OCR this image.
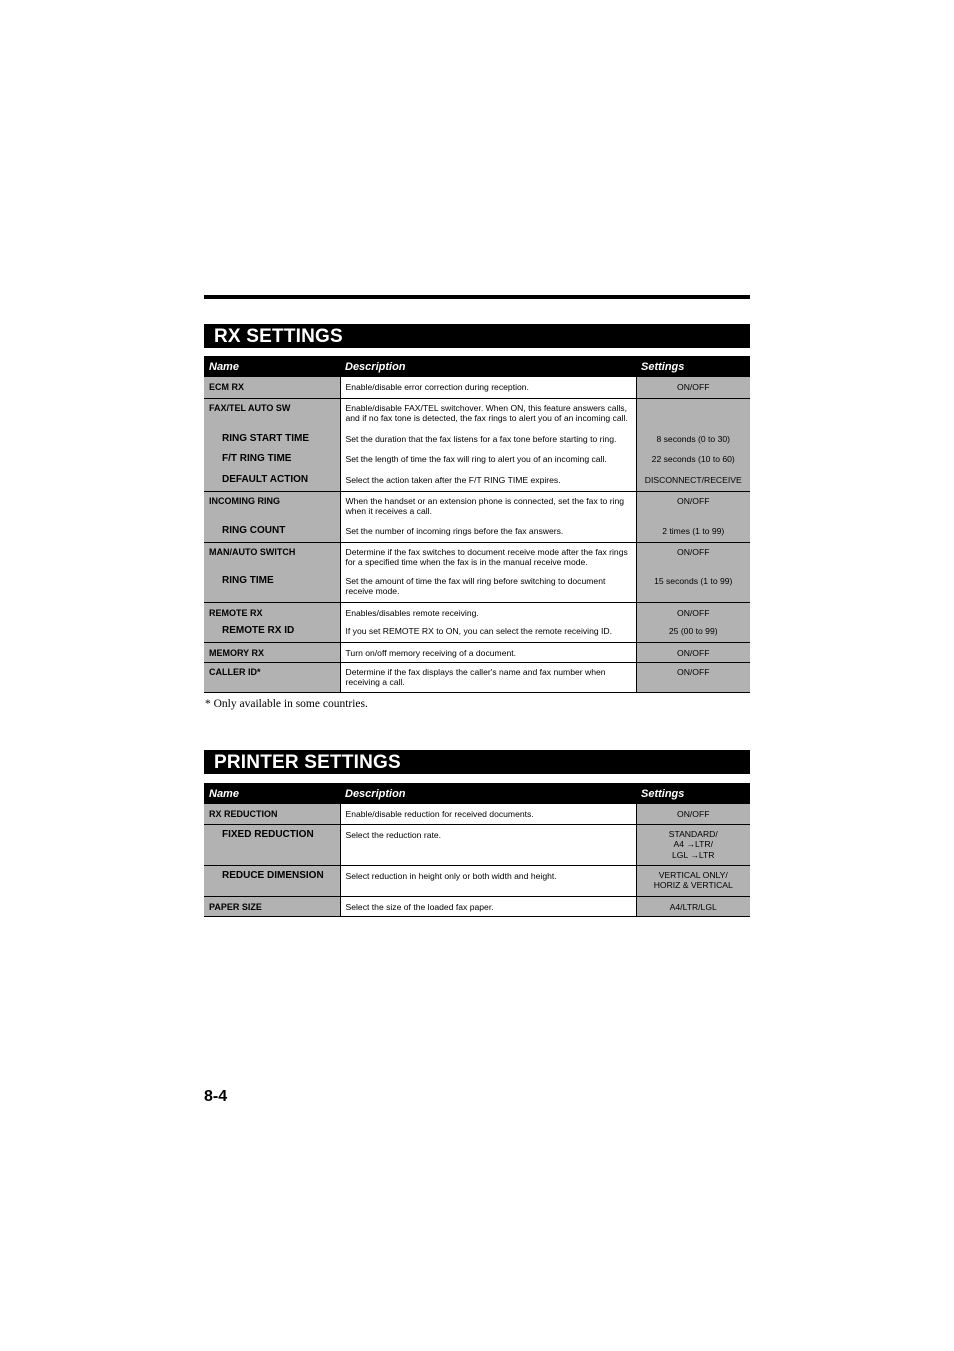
RX SETTINGS
Name	Description	Settings

ECM RX	Enable/disable error correction during reception.	ON/OFF

FAX/TEL AUTO SW	Enable/disable FAX/TEL switchover. When ON, this feature answers calls,
and if no fax tone is detected, the fax rings to alert you of an incoming call.	

RING START TIME	Set the duration that the fax listens for a fax tone before starting to ring.	8 seconds (0 to 30)

F/T RING TIME	Set the length of time the fax will ring to alert you of an incoming call.	22 seconds (10 to 60)

DEFAULT ACTION	Select the action taken after the F/T RING TIME expires.	DISCONNECT/RECEIVE

INCOMING RING	When the handset or an extension phone is connected, set the fax to ring
when it receives a call.	ON/OFF

RING COUNT	Set the number of incoming rings before the fax answers.	2 times (1 to 99)

MAN/AUTO SWITCH	Determine if the fax switches to document receive mode after the fax rings
for a specified time when the fax is in the manual receive mode.	ON/OFF

RING TIME	Set the amount of time the fax will ring before switching to document
receive mode.	15 seconds (1 to 99)

REMOTE RX	Enables/disables remote receiving.	ON/OFF

REMOTE RX ID	If you set REMOTE RX to ON, you can select the remote receiving ID.	25 (00 to 99)

MEMORY RX	Turn on/off memory receiving of a document.	ON/OFF

CALLER ID*	Determine if the fax displays the caller's name and fax number when
receiving a call.	ON/OFF
* Only available in some countries.
PRINTER SETTINGS
Name	Description	Settings

RX REDUCTION	Enable/disable reduction for received documents.	ON/OFF

FIXED REDUCTION	Select the reduction rate.	STANDARD/
A4 →LTR/
LGL →LTR

REDUCE DIMENSION	Select reduction in height only or both width and height.	VERTICAL ONLY/
HORIZ & VERTICAL

PAPER SIZE	Select the size of the loaded fax paper.	A4/LTR/LGL
8-4
